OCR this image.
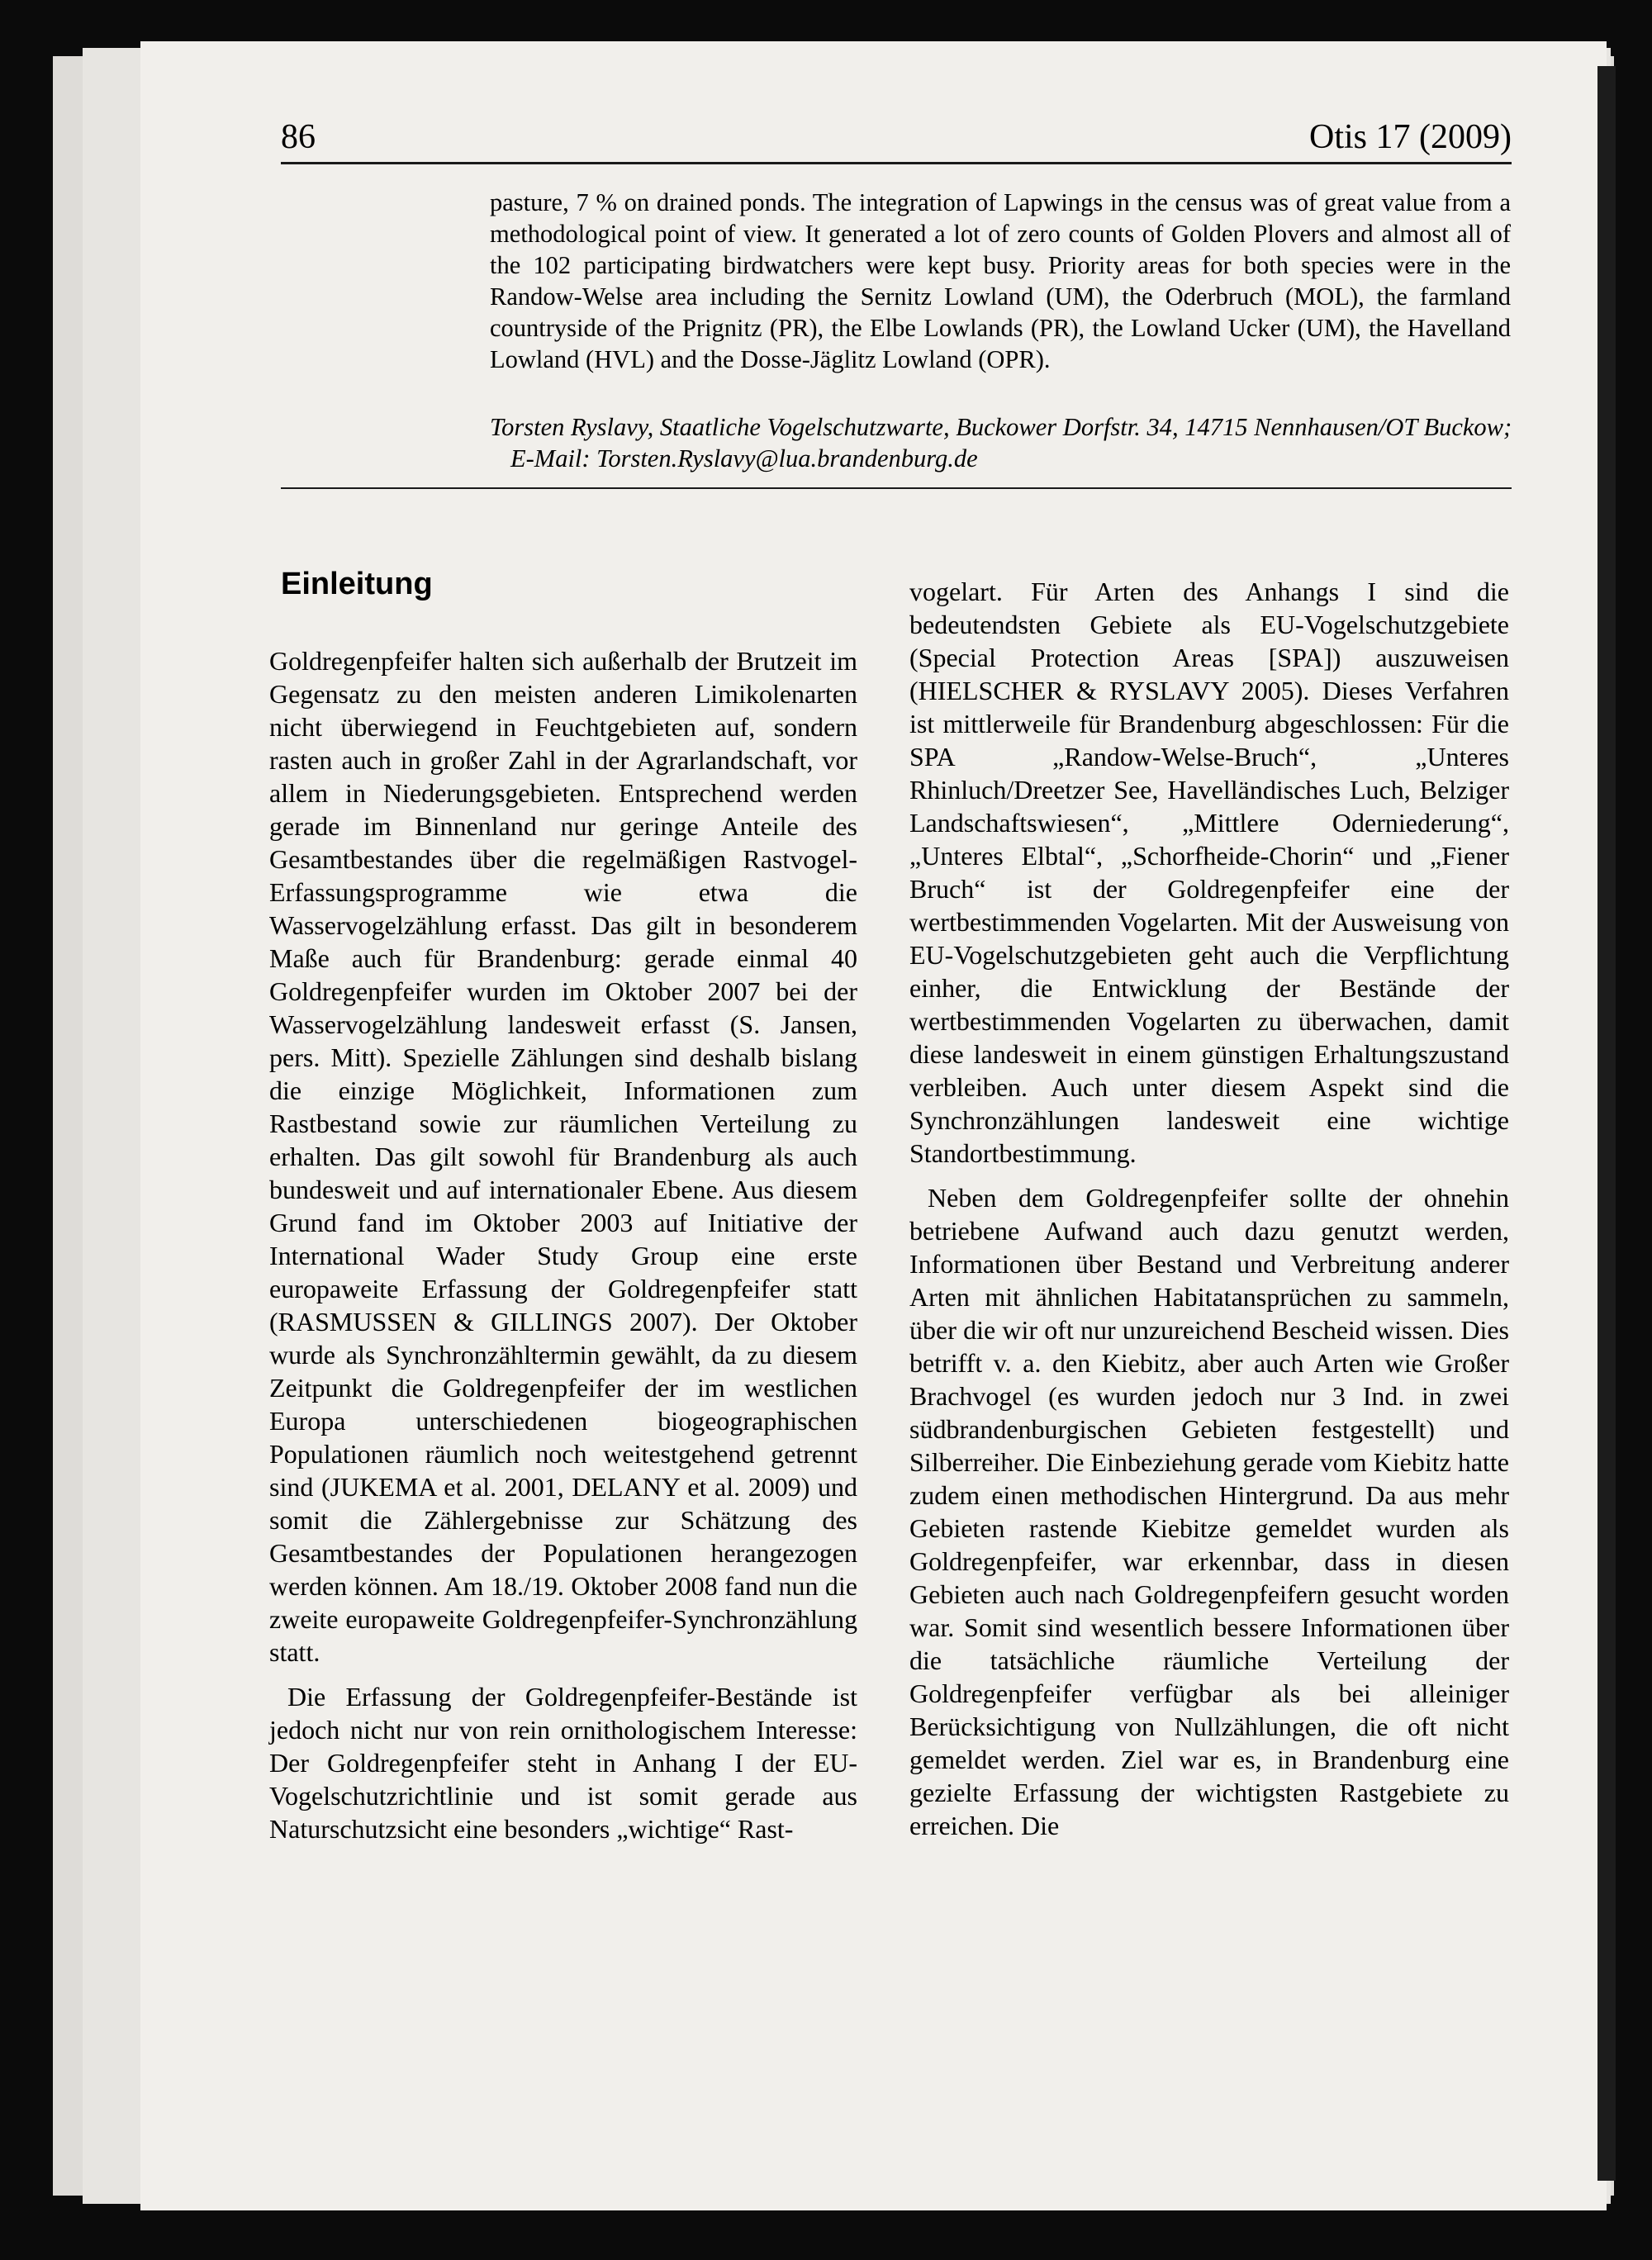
86	Otis 17 (2009)

pasture, 7 % on drained ponds. The integration of Lapwings in the census was of great value from a methodological point of view. It generated a lot of zero counts of Golden Plovers and almost all of the 102 participating birdwatchers were kept busy. Priority areas for both species were in the Randow-Welse area including the Sernitz Lowland (UM), the Oderbruch (MOL), the farmland countryside of the Prignitz (PR), the Elbe Lowlands (PR), the Lowland Ucker (UM), the Havelland Lowland (HVL) and the Dosse-Jäglitz Lowland (OPR).

Torsten Ryslavy, Staatliche Vogelschutzwarte, Buckower Dorfstr. 34, 14715 Nennhausen/OT Buckow;
E-Mail: Torsten.Ryslavy@lua.brandenburg.de
Einleitung

Goldregenpfeifer halten sich außerhalb der Brutzeit im Gegensatz zu den meisten anderen Limikolenarten nicht überwiegend in Feuchtgebieten auf, sondern rasten auch in großer Zahl in der Agrarlandschaft, vor allem in Niederungsgebieten. Entsprechend werden gerade im Binnenland nur geringe Anteile des Gesamtbestandes über die regelmäßigen Rastvogel-Erfassungsprogramme wie etwa die Wasservogelzählung erfasst. Das gilt in besonderem Maße auch für Brandenburg: gerade einmal 40 Goldregenpfeifer wurden im Oktober 2007 bei der Wasservogelzählung landesweit erfasst (S. Jansen, pers. Mitt). Spezielle Zählungen sind deshalb bislang die einzige Möglichkeit, Informationen zum Rastbestand sowie zur räumlichen Verteilung zu erhalten. Das gilt sowohl für Brandenburg als auch bundesweit und auf internationaler Ebene. Aus diesem Grund fand im Oktober 2003 auf Initiative der International Wader Study Group eine erste europaweite Erfassung der Goldregenpfeifer statt (RASMUSSEN & GILLINGS 2007). Der Oktober wurde als Synchronzähltermin gewählt, da zu diesem Zeitpunkt die Goldregenpfeifer der im westlichen Europa unterschiedenen biogeographischen Populationen räumlich noch weitestgehend getrennt sind (JUKEMA et al. 2001, DELANY et al. 2009) und somit die Zählergebnisse zur Schätzung des Gesamtbestandes der Populationen herangezogen werden können. Am 18./19. Oktober 2008 fand nun die zweite europaweite Goldregenpfeifer-Synchronzählung statt.

Die Erfassung der Goldregenpfeifer-Bestände ist jedoch nicht nur von rein ornithologischem Interesse: Der Goldregenpfeifer steht in Anhang I der EU-Vogelschutzrichtlinie und ist somit gerade aus Naturschutzsicht eine besonders „wichtige“ Rast-

vogelart. Für Arten des Anhangs I sind die bedeutendsten Gebiete als EU-Vogelschutzgebiete (Special Protection Areas [SPA]) auszuweisen (HIELSCHER & RYSLAVY 2005). Dieses Verfahren ist mittlerweile für Brandenburg abgeschlossen: Für die SPA „Randow-Welse-Bruch“, „Unteres Rhinluch/Dreetzer See, Havelländisches Luch, Belziger Landschaftswiesen“, „Mittlere Oderniederung“, „Unteres Elbtal“, „Schorfheide-Chorin“ und „Fiener Bruch“ ist der Goldregenpfeifer eine der wertbestimmenden Vogelarten. Mit der Ausweisung von EU-Vogelschutzgebieten geht auch die Verpflichtung einher, die Entwicklung der Bestände der wertbestimmenden Vogelarten zu überwachen, damit diese landesweit in einem günstigen Erhaltungszustand verbleiben. Auch unter diesem Aspekt sind die Synchronzählungen landesweit eine wichtige Standortbestimmung.

Neben dem Goldregenpfeifer sollte der ohnehin betriebene Aufwand auch dazu genutzt werden, Informationen über Bestand und Verbreitung anderer Arten mit ähnlichen Habitatansprüchen zu sammeln, über die wir oft nur unzureichend Bescheid wissen. Dies betrifft v. a. den Kiebitz, aber auch Arten wie Großer Brachvogel (es wurden jedoch nur 3 Ind. in zwei südbrandenburgischen Gebieten festgestellt) und Silberreiher. Die Einbeziehung gerade vom Kiebitz hatte zudem einen methodischen Hintergrund. Da aus mehr Gebieten rastende Kiebitze gemeldet wurden als Goldregenpfeifer, war erkennbar, dass in diesen Gebieten auch nach Goldregenpfeifern gesucht worden war. Somit sind wesentlich bessere Informationen über die tatsächliche räumliche Verteilung der Goldregenpfeifer verfügbar als bei alleiniger Berücksichtigung von Nullzählungen, die oft nicht gemeldet werden. Ziel war es, in Brandenburg eine gezielte Erfassung der wichtigsten Rastgebiete zu erreichen. Die
